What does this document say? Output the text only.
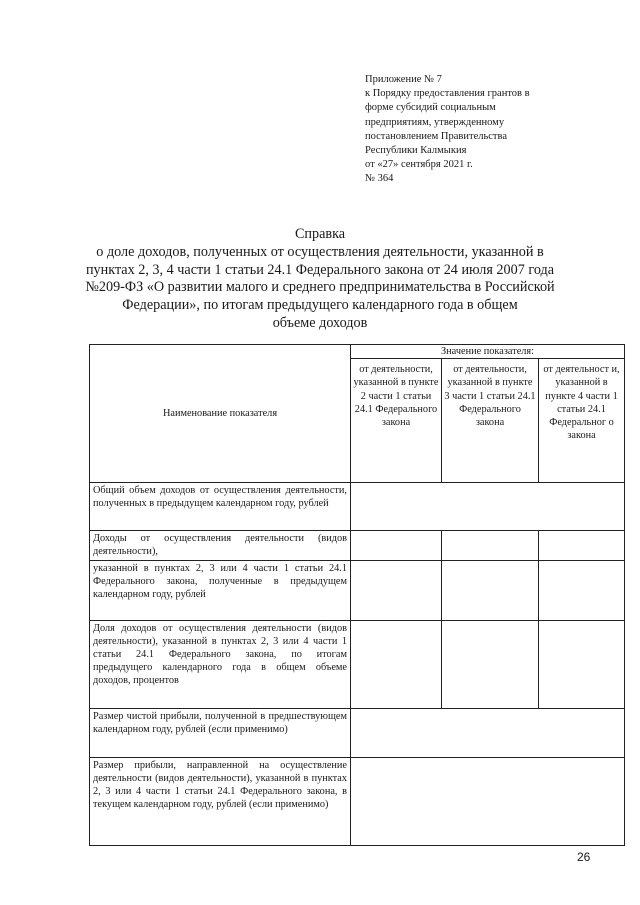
Приложение № 7
к Порядку предоставления грантов в
форме субсидий социальным
предприятиям, утвержденному
постановлением Правительства
Республики Калмыкия
от «27» сентября 2021 г.
№ 364
Справка
о доле доходов, полученных от осуществления деятельности, указанной в
пунктах 2, 3, 4 части 1 статьи 24.1 Федерального закона от 24 июля 2007 года
№209-ФЗ «О развитии малого и среднего предпринимательства в Российской
Федерации», по итогам предыдущего календарного года в общем
объеме доходов
Наименование показателя	Значение показателя:		
	от деятельности, указанной в пункте 2 части 1 статьи 24.1 Федерального закона	от деятельности, указанной в пункте 3 части 1 статьи 24.1 Федерального закона	от деятельност и, указанной в пункте 4 части 1 статьи 24.1 Федеральног о закона
Общий объем доходов от осуществления деятельности, полученных в предыдущем календарном году, рублей			
Доходы от осуществления деятельности (видов деятельности),			
указанной в пунктах 2, 3 или 4 части 1 статьи 24.1 Федерального закона, полученные в предыдущем календарном году, рублей			
Доля доходов от осуществления деятельности (видов деятельности), указанной в пунктах 2, 3 или 4 части 1 статьи 24.1 Федерального закона, по итогам предыдущего календарного года в общем объеме доходов, процентов			
Размер чистой прибыли, полученной в предшествующем календарном году, рублей (если применимо)			
Размер прибыли, направленной на осуществление деятельности (видов деятельности), указанной в пунктах 2, 3 или 4 части 1 статьи 24.1 Федерального закона, в текущем календарном году, рублей (если применимо)			
26
